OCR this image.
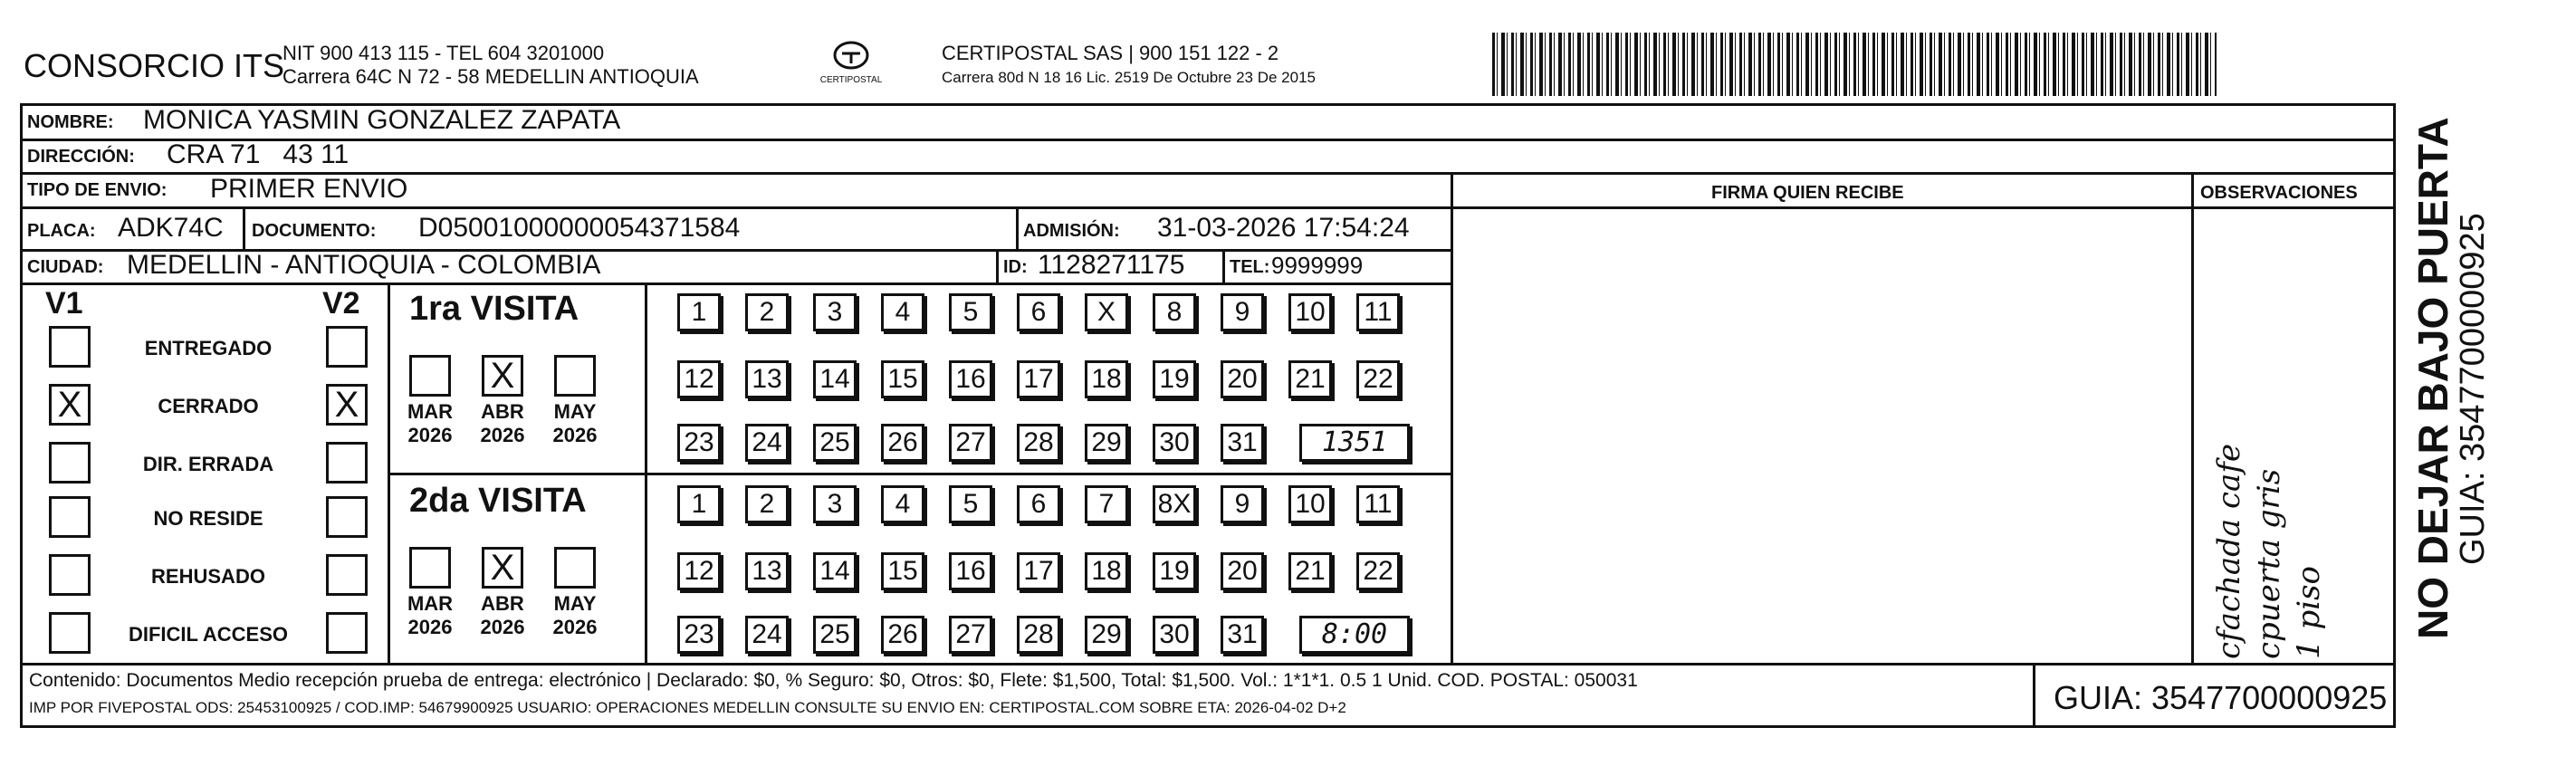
CONSORCIO ITS
NIT 900 413 115 - TEL 604 3201000
Carrera 64C N 72 - 58 MEDELLIN ANTIOQUIA	CERTIPOSTAL
CERTIPOSTAL SAS | 900 151 122 - 2
Carrera 80d N 18 16 Lic. 2519 De Octubre 23 De 2015
NOMBRE: MONICA YASMIN GONZALEZ ZAPATA
DIRECCIÓN: CRA 71   43 11
TIPO DE ENVIO: PRIMER ENVIO	FIRMA QUIEN RECIBE	OBSERVACIONES
PLACA: ADK74C DOCUMENTO: D05001000000054371584	ADMISIÓN: 31-03-2026 17:54:24
CIUDAD: MEDELLIN - ANTIOQUIA - COLOMBIA	ID: 1128271175 TEL: 9999999
V1	V2
ENTREGADO
X	CERRADO	X
DIR. ERRADA
NO RESIDE
REHUSADO
DIFICIL ACCESO
1ra VISITA
MAR
2026
X
ABR
2026
MAY
2026
1	2	3	4	5	6	X	8	9	10 11
12 13 14 15 16 17 18 19 20 21 22
23 24 25 26 27 28 29 30 31	1351
2da VISITA
MAR
2026
X
ABR
2026
MAY
2026
1	2	3	4	5	6	7	8X	9	10 11
12 13 14 15 16 17 18 19 20 21 22
23 24 25 26 27 28 29 30 31	8:00	cfachada cafe cpuerta gris 1 piso NO DEJAR BAJO PUERTA
GUIA: 3547700000925
Contenido: Documentos Medio recepción prueba de entrega: electrónico | Declarado: $0, % Seguro: $0, Otros: $0, Flete: $1,500, Total: $1,500. Vol.: 1*1*1. 0.5 1 Unid. COD. POSTAL: 050031
IMP POR FIVEPOSTAL ODS: 25453100925 / COD.IMP: 54679900925 USUARIO: OPERACIONES MEDELLIN CONSULTE SU ENVIO EN: CERTIPOSTAL.COM SOBRE ETA: 2026-04-02 D+2	GUIA: 3547700000925
